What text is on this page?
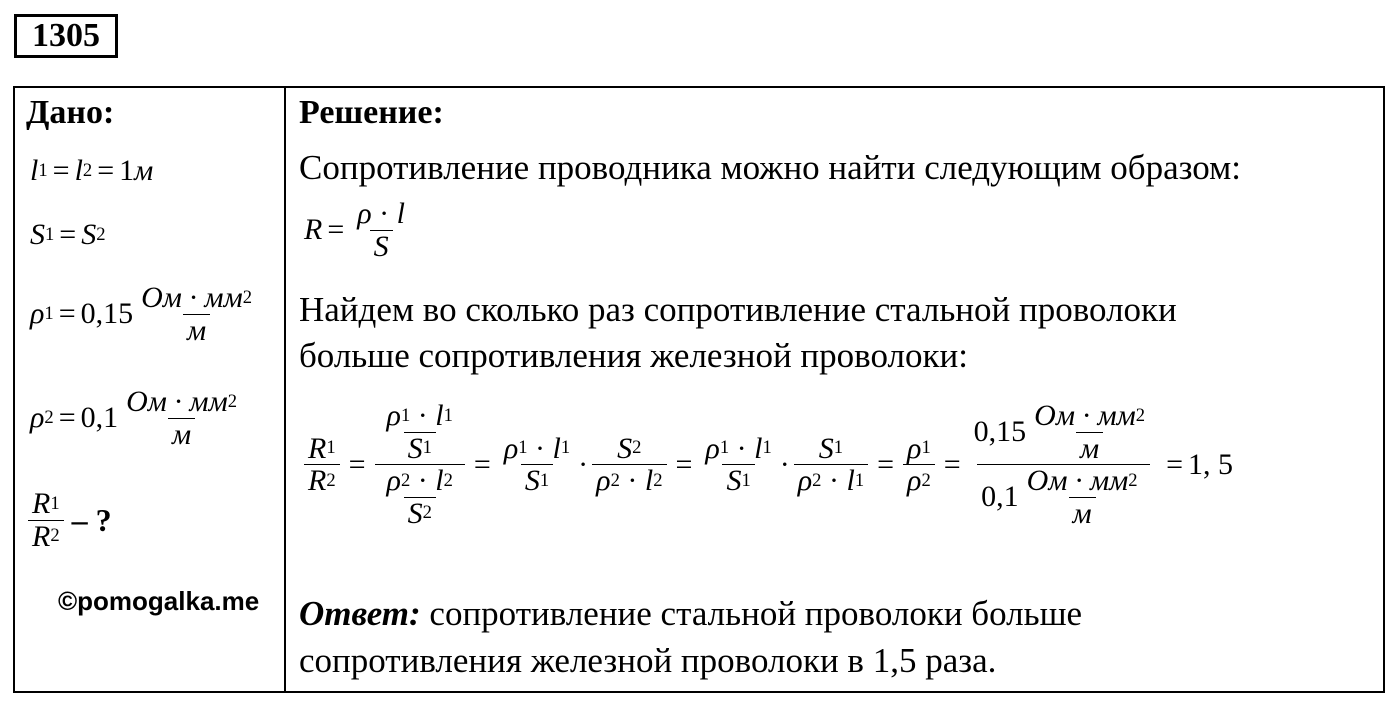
1305
Дано:
l 1 = l 2 = 1 м
S 1 = S 2
ρ 1 = 0,15 Ом · мм 2
м
ρ 2 = 0,1 Ом · мм 2
м
R 1
R 2 – ?
©pomogalka.me
Решение:
Сопротивление проводника можно найти следующим образом:
$R = \frac{\rho \cdot l}{S}$
Найдем во сколько раз сопротивление стальной проволоки
больше сопротивления железной проволоки:
$\frac{R 1}{R 2} = \rho$ 1 · l 1
S 1
ρ 2 · l 2
S $2 = \frac{\rho 1 \cdot l 1}{S 1} \cdot \frac{S 2}{\rho 2 \cdot l 2} = \frac{\rho 1 \cdot l 1}{S 1} \cdot \frac{S 1}{\rho 2 \cdot l 1} = \frac{\rho 1}{\rho 2}$ =
0,15 Ом · мм 2
м
0,1 Ом · мм 2
м
= 1, 5
Ответ: сопротивление стальной проволоки больше
сопротивления железной проволоки в 1,5 раза.
